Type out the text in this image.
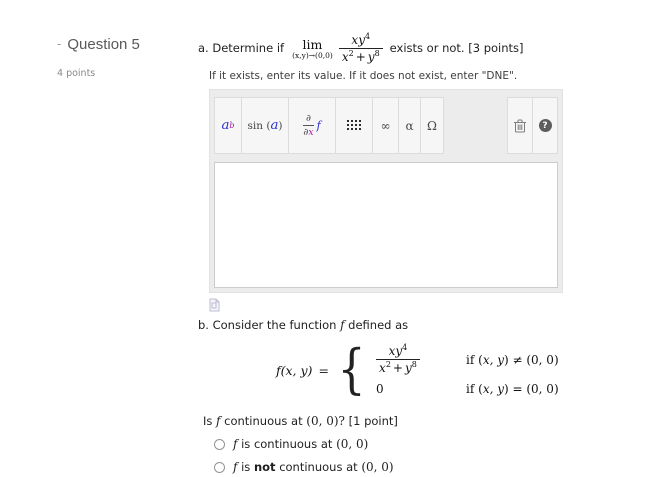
- Question 5
4 points
a. Determine if lim
$(x,y)\to(0,0) \frac{xy^4}{x^2 + y^8}$ exists or not. [3 points]
If it exists, enter its value. If it does not exist, enter "DNE".
a b sin ( a ) $\frac{\partial}{\partial x}$ f	∞ α Ω	?
b. Consider the function f defined as
f(x, y) = { $\frac{xy^4}{x^2 + y^8}$	if (x, y) ≠ (0, 0)
0	if (x, y) = (0, 0)
Is f continuous at (0, 0)? [1 point]
f is continuous at (0, 0)
f is not continuous at (0, 0)
